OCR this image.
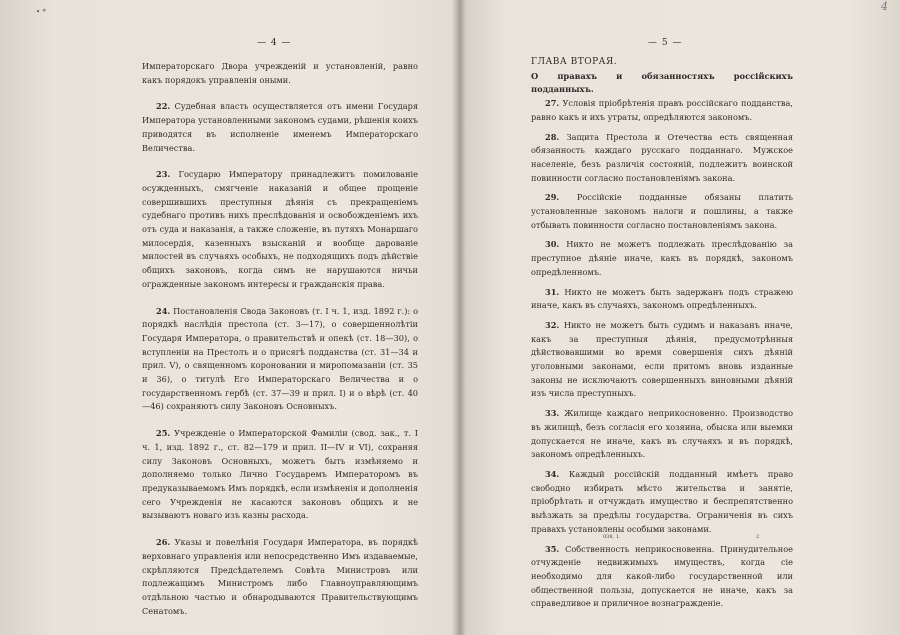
• *
— 4 —

Императорскаго Двора учрежденій и установленій, равно какъ порядокъ управленія оными.

22. Судебная власть осуществляется отъ имени Государя Императора установленными закономъ судами, рѣшенія коихъ приводятся въ исполненіе именемъ Императорскаго Величества.

23. Государю Императору принадлежитъ помилованіе осужденныхъ, смягченіе наказаній и общее прощеніе совершившихъ преступныя дѣянія съ прекращеніемъ судебнаго противъ нихъ преслѣдованія и освобожденіемъ ихъ отъ суда и наказанія, а также сложеніе, въ путяхъ Монаршаго милосердія, казенныхъ взысканій и вообще дарованіе милостей въ случаяхъ особыхъ, не подходящихъ подъ дѣйствіе общихъ законовъ, когда симъ не нарушаются ничьи огражденные закономъ интересы и гражданскія права.

24. Постановленія Свода Законовъ (т. I ч. 1, изд. 1892 г.): о порядкѣ наслѣдія престола (ст. 3—17), о совершеннолѣтіи Государя Императора, о правительствѣ и опекѣ (ст. 18—30), о вступленіи на Престолъ и о присягѣ подданства (ст. 31—34 и прил. V), о священномъ короновании и миропомазаніи (ст. 35 и 36), о титулѣ Его Императорскаго Величества и о государственномъ гербѣ (ст. 37—39 и прил. I) и о вѣрѣ (ст. 40—46) сохраняютъ силу Законовъ Основныхъ.

25. Учрежденіе о Императорской Фамиліи (свод. зак., т. I ч. 1, изд. 1892 г., ст. 82—179 и прил. II—IV и VI), сохраняя силу Законовъ Основныхъ, можетъ быть измѣняемо и дополняемо только Лично Государемъ Императоромъ въ предуказываемомъ Имъ порядкѣ, если измѣненія и дополненія сего Учрежденія не касаются законовъ общихъ и не вызываютъ новаго изъ казны расхода.

26. Указы и повелѣнія Государя Императора, въ порядкѣ верховнаго управленія или непосредственно Имъ издаваемые, скрѣпляются Предсѣдателемъ Совѣта Министровъ или подлежащимъ Министромъ либо Главноуправляющимъ отдѣльною частью и обнародываются Правительствующимъ Сенатомъ.

— 5 —
4

ГЛАВА ВТОРАЯ.

О правахъ и обязанностяхъ россійскихъ подданныхъ.

27. Условія пріобрѣтенія правъ россійскаго подданства, равно какъ и ихъ утраты, опредѣляются закономъ.

28. Защита Престола и Отечества есть священная обязанность каждаго русскаго подданнаго. Мужское населеніе, безъ различія состояній, подлежитъ воинской повинности согласно постановленіямъ закона.

29. Россійскіе подданные обязаны платить установленные закономъ налоги и пошлины, а также отбывать повинности согласно постановленіямъ закона.

30. Никто не можетъ подлежать преслѣдованію за преступное дѣяніе иначе, какъ въ порядкѣ, закономъ опредѣленномъ.

31. Никто не можетъ быть задержанъ подъ стражею иначе, какъ въ случаяхъ, закономъ опредѣленныхъ.

32. Никто не можетъ быть судимъ и наказанъ иначе, какъ за преступныя дѣянія, предусмотрѣнныя дѣйствовавшими во время совершенія сихъ дѣяній уголовными законами, если притомъ вновь изданные законы не исключаютъ совершенныхъ виновными дѣяній изъ числа преступныхъ.

33. Жилище каждаго неприкосновенно. Производство въ жилищѣ, безъ согласія его хозяина, обыска или выемки допускается не иначе, какъ въ случаяхъ и въ порядкѣ, закономъ опредѣленныхъ.

34. Каждый россійскій подданный имѣетъ право свободно избирать мѣсто жительства и занятіе, пріобрѣтать и отчуждать имущество и беспрепятственно выѣзжать за предѣлы государства. Ограниченія въ сихъ правахъ установлены особыми законами.

35. Собственность неприкосновенна. Принудительное отчужденіе недвижимыхъ имуществъ, когда сіе необходимо для какой-либо государственной или общественной пользы, допускается не иначе, какъ за справедливое и приличное вознагражденіе.

038, 1.	2
